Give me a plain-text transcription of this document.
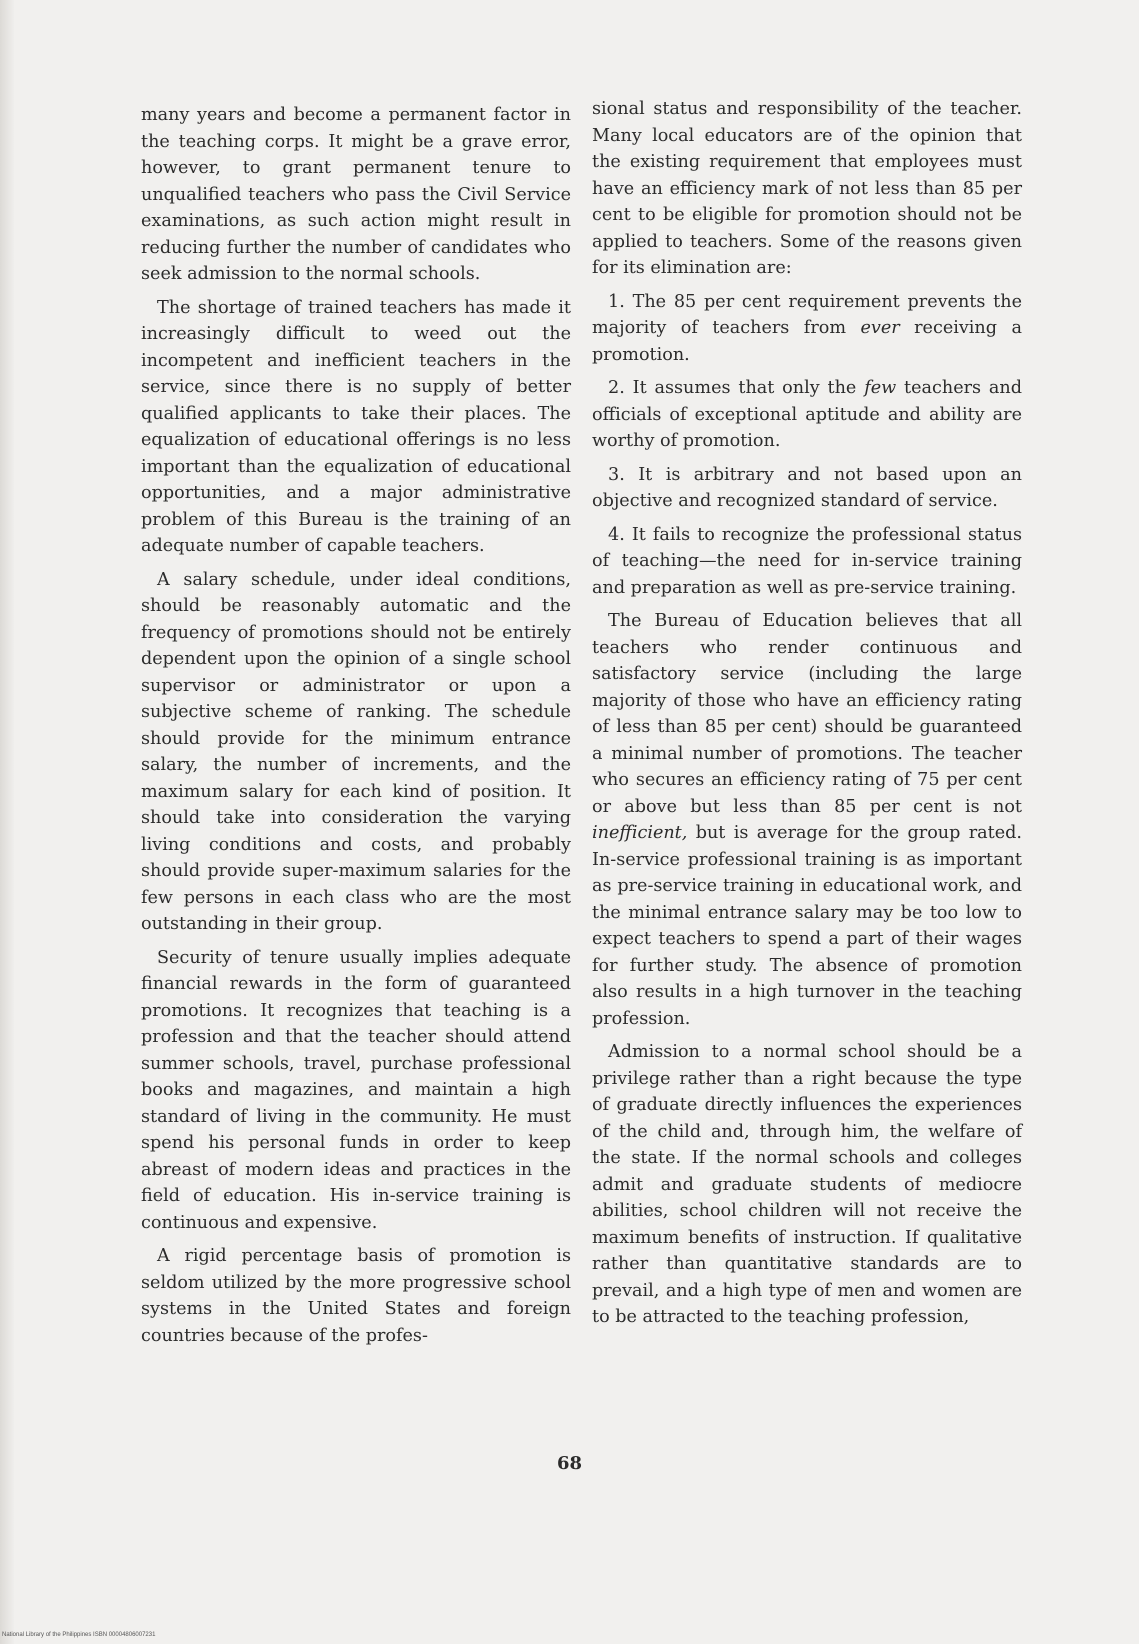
many years and become a permanent factor in the teaching corps. It might be a grave error, however, to grant permanent tenure to unqualified teachers who pass the Civil Service examinations, as such action might result in reducing further the number of candidates who seek admission to the normal schools.

The shortage of trained teachers has made it increasingly difficult to weed out the incompetent and inefficient teachers in the service, since there is no supply of better qualified applicants to take their places. The equalization of educational offerings is no less important than the equalization of educational opportunities, and a major administrative problem of this Bureau is the training of an adequate number of capable teachers.

A salary schedule, under ideal conditions, should be reasonably automatic and the frequency of promotions should not be entirely dependent upon the opinion of a single school supervisor or administrator or upon a subjective scheme of ranking. The schedule should provide for the minimum entrance salary, the number of increments, and the maximum salary for each kind of position. It should take into consideration the varying living conditions and costs, and probably should provide super-maximum salaries for the few persons in each class who are the most outstanding in their group.

Security of tenure usually implies adequate financial rewards in the form of guaranteed promotions. It recognizes that teaching is a profession and that the teacher should attend summer schools, travel, purchase professional books and magazines, and maintain a high standard of living in the community. He must spend his personal funds in order to keep abreast of modern ideas and practices in the field of education. His in-service training is continuous and expensive.

A rigid percentage basis of promotion is seldom utilized by the more progressive school systems in the United States and foreign countries because of the profes-

sional status and responsibility of the teacher. Many local educators are of the opinion that the existing requirement that employees must have an efficiency mark of not less than 85 per cent to be eligible for promotion should not be applied to teachers. Some of the reasons given for its elimination are:

1. The 85 per cent requirement prevents the majority of teachers from ever receiving a promotion.

2. It assumes that only the few teachers and officials of exceptional aptitude and ability are worthy of promotion.

3. It is arbitrary and not based upon an objective and recognized standard of service.

4. It fails to recognize the professional status of teaching—the need for in-service training and preparation as well as pre-service training.

The Bureau of Education believes that all teachers who render continuous and satisfactory service (including the large majority of those who have an efficiency rating of less than 85 per cent) should be guaranteed a minimal number of promotions. The teacher who secures an efficiency rating of 75 per cent or above but less than 85 per cent is not inefficient, but is average for the group rated. In-service professional training is as important as pre-service training in educational work, and the minimal entrance salary may be too low to expect teachers to spend a part of their wages for further study. The absence of promotion also results in a high turnover in the teaching profession.

Admission to a normal school should be a privilege rather than a right because the type of graduate directly influences the experiences of the child and, through him, the welfare of the state. If the normal schools and colleges admit and graduate students of mediocre abilities, school children will not receive the maximum benefits of instruction. If qualitative rather than quantitative standards are to prevail, and a high type of men and women are to be attracted to the teaching profession,

68
National Library of the Philippines ISBN 00004806007231
